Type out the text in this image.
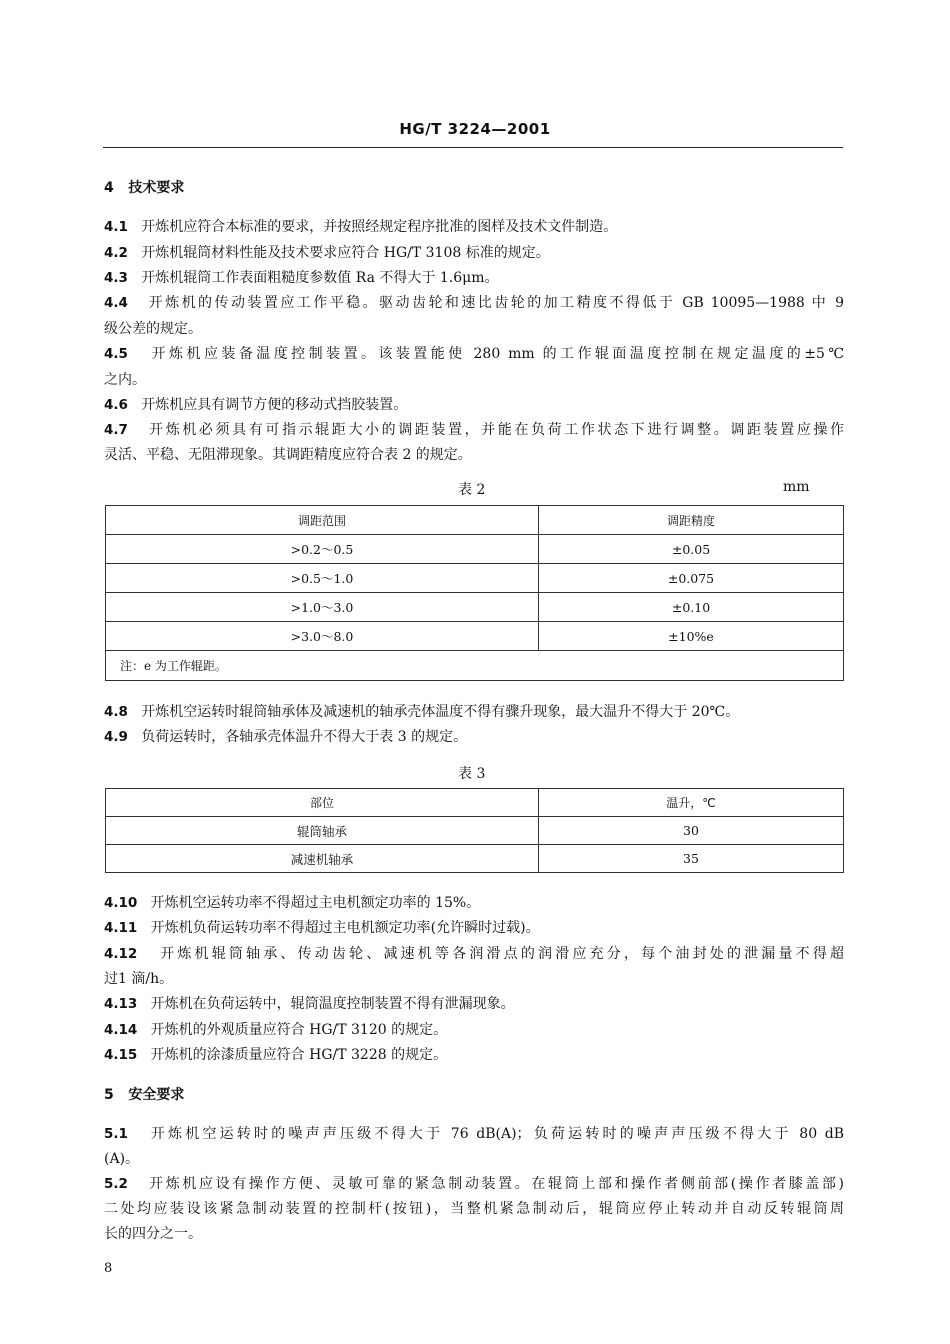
HG/T 3224—2001
4 技术要求
4.1 开炼机应符合本标准的要求，并按照经规定程序批准的图样及技术文件制造。
4.2 开炼机辊筒材料性能及技术要求应符合 HG/T 3108 标准的规定。
4.3 开炼机辊筒工作表面粗糙度参数值 Ra 不得大于 1.6μm。
4.4 开炼机的传动装置应工作平稳。驱动齿轮和速比齿轮的加工精度不得低于 GB 10095—1988 中 9
级公差的规定。
4.5 开炼机应装备温度控制装置。该装置能使 280 mm 的工作辊面温度控制在规定温度的±5℃
之内。
4.6 开炼机应具有调节方便的移动式挡胶装置。
4.7 开炼机必须具有可指示辊距大小的调距装置，并能在负荷工作状态下进行调整。调距装置应操作
灵活、平稳、无阻滞现象。其调距精度应符合表 2 的规定。
表 2	mm
调距范围	调距精度
>0.2～0.5	±0.05
>0.5～1.0	±0.075
>1.0～3.0	±0.10
>3.0～8.0	±10%e
注：e 为工作辊距。	
4.8 开炼机空运转时辊筒轴承体及减速机的轴承壳体温度不得有骤升现象，最大温升不得大于 20℃。
4.9 负荷运转时，各轴承壳体温升不得大于表 3 的规定。
表 3
部位	温升，℃
辊筒轴承	30
减速机轴承	35
4.10 开炼机空运转功率不得超过主电机额定功率的 15%。
4.11 开炼机负荷运转功率不得超过主电机额定功率(允许瞬时过载)。
4.12 开炼机辊筒轴承、传动齿轮、减速机等各润滑点的润滑应充分，每个油封处的泄漏量不得超
过1 滴/h。
4.13 开炼机在负荷运转中，辊筒温度控制装置不得有泄漏现象。
4.14 开炼机的外观质量应符合 HG/T 3120 的规定。
4.15 开炼机的涂漆质量应符合 HG/T 3228 的规定。
5 安全要求
5.1 开炼机空运转时的噪声声压级不得大于 76 dB(A)；负荷运转时的噪声声压级不得大于 80 dB
(A)。
5.2 开炼机应设有操作方便、灵敏可靠的紧急制动装置。在辊筒上部和操作者侧前部(操作者膝盖部)
二处均应装设该紧急制动装置的控制杆(按钮)，当整机紧急制动后，辊筒应停止转动并自动反转辊筒周
长的四分之一。
8
